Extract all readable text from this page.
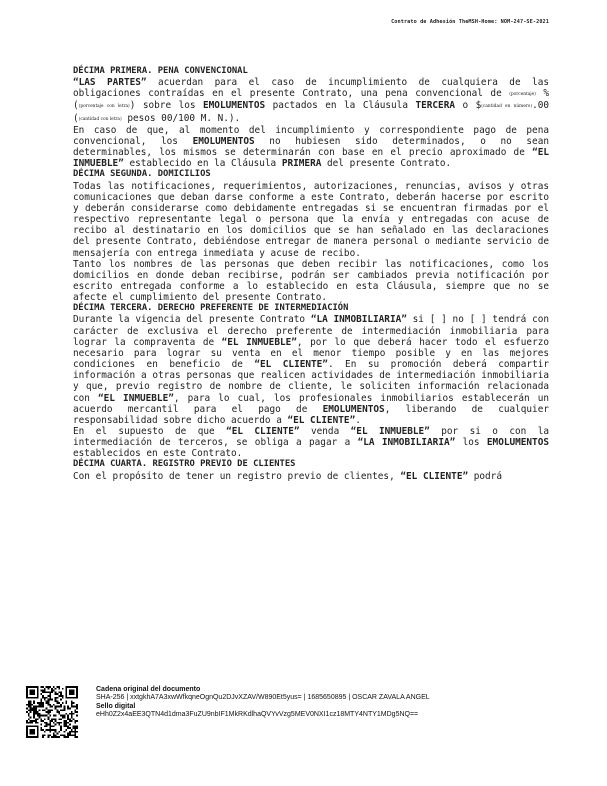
Contrato de Adhesión TheMSH-Home: NOM-247-SE-2021
DÉCIMA PRIMERA. PENA CONVENCIONAL

“LAS PARTES” acuerdan para el caso de incumplimiento de cualquiera de las obligaciones contraídas en el presente Contrato, una pena convencional de (porcentaje) % ((porcentaje con letra)) sobre los EMOLUMENTOS pactados en la Cláusula TERCERA o $(cantidad en número).00 ((cantidad con letra) pesos 00/100 M. N.).

En caso de que, al momento del incumplimiento y correspondiente pago de pena convencional, los EMOLUMENTOS no hubiesen sido determinados, o no sean determinables, los mismos se determinarán con base en el precio aproximado de “EL INMUEBLE” establecido en la Cláusula PRIMERA del presente Contrato.

DÉCIMA SEGUNDA. DOMICILIOS

Todas las notificaciones, requerimientos, autorizaciones, renuncias, avisos y otras comunicaciones que deban darse conforme a este Contrato, deberán hacerse por escrito y deberán considerarse como debidamente entregadas si se encuentran firmadas por el respectivo representante legal o persona que la envía y entregadas con acuse de recibo al destinatario en los domicilios que se han señalado en las declaraciones del presente Contrato, debiéndose entregar de manera personal o mediante servicio de mensajería con entrega inmediata y acuse de recibo.

Tanto los nombres de las personas que deben recibir las notificaciones, como los domicilios en donde deban recibirse, podrán ser cambiados previa notificación por escrito entregada conforme a lo establecido en esta Cláusula, siempre que no se afecte el cumplimiento del presente Contrato.

DÉCIMA TERCERA. DERECHO PREFERENTE DE INTERMEDIACIÓN

Durante la vigencia del presente Contrato “LA INMOBILIARIA” si [ ] no [ ] tendrá con carácter de exclusiva el derecho preferente de intermediación inmobiliaria para lograr la compraventa de “EL INMUEBLE”, por lo que deberá hacer todo el esfuerzo necesario para lograr su venta en el menor tiempo posible y en las mejores condiciones en beneficio de “EL CLIENTE”. En su promoción deberá compartir información a otras personas que realicen actividades de intermediación inmobiliaria y que, previo registro de nombre de cliente, le soliciten información relacionada con “EL INMUEBLE”, para lo cual, los profesionales inmobiliarios establecerán un acuerdo mercantil para el pago de EMOLUMENTOS, liberando de cualquier responsabilidad sobre dicho acuerdo a “EL CLIENTE”.

En el supuesto de que “EL CLIENTE” venda “EL INMUEBLE” por si o con la intermediación de terceros, se obliga a pagar a “LA INMOBILIARIA” los EMOLUMENTOS establecidos en este Contrato.

DÉCIMA CUARTA. REGISTRO PREVIO DE CLIENTES

Con el propósito de tener un registro previo de clientes, “EL CLIENTE” podrá

Cadena original del documento
SHA-256 | xxtgkhA7A3xwWfkqneOgnQu2DJvXZAV/W890Et5yus= | 1685650895 | OSCAR ZAVALA ANGEL
Sello digital
eHh0Z2x4aEE3QTN4d1dma3FuZU9nbIF1MkRKdlhaQVYvVzg5MEV0NXI1cz18MTY4NTY1MDg5NQ==
